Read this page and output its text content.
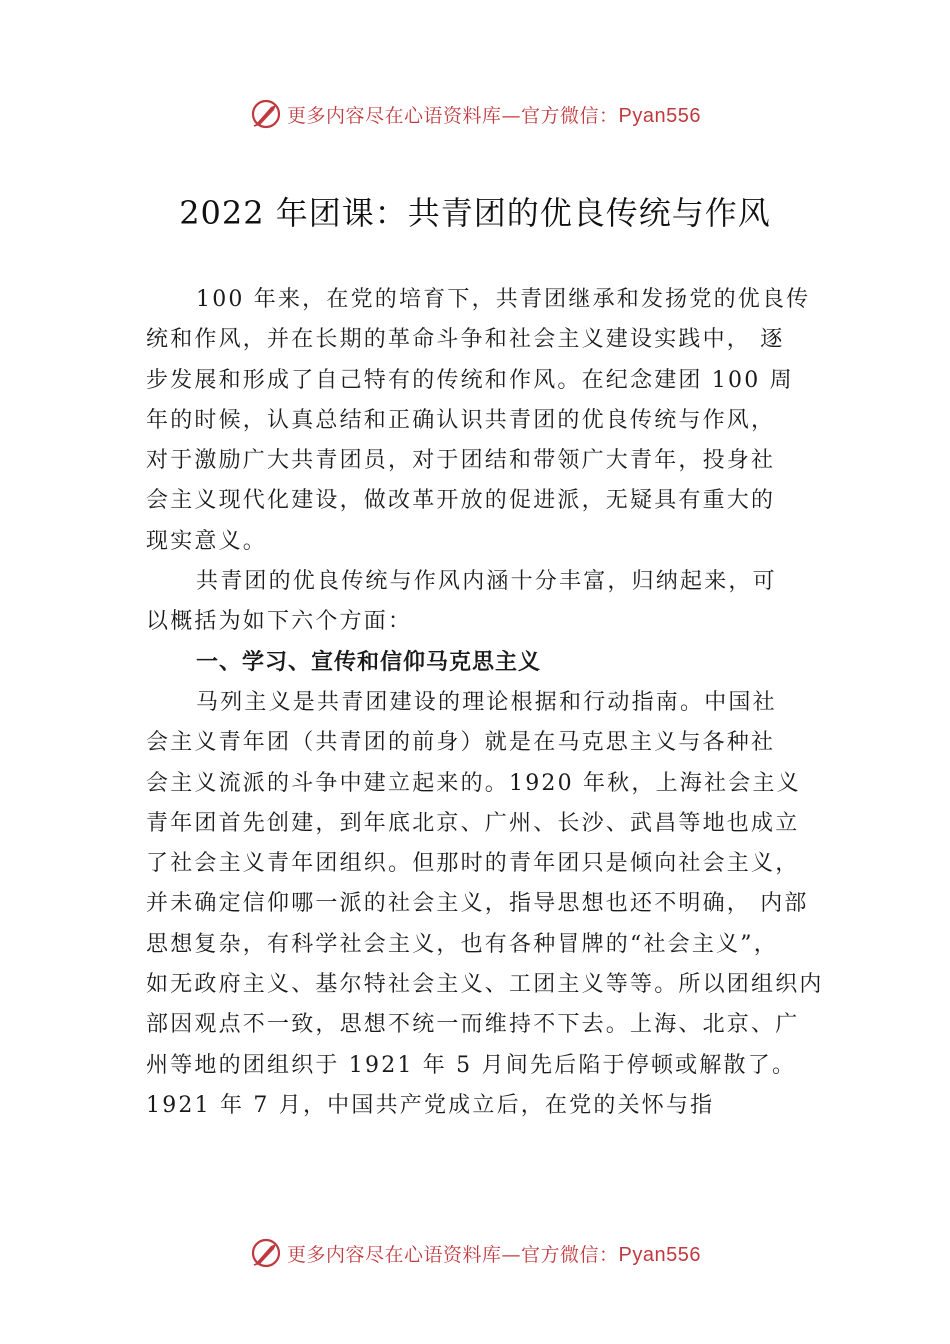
更多内容尽在心语资料库—官方微信：Pyan556
2022 年团课：共青团的优良传统与作风
100 年来，在党的培育下，共青团继承和发扬党的优良传
统和作风，并在长期的革命斗争和社会主义建设实践中， 逐
步发展和形成了自己特有的传统和作风。在纪念建团 100 周
年的时候，认真总结和正确认识共青团的优良传统与作风，
对于激励广大共青团员，对于团结和带领广大青年，投身社
会主义现代化建设，做改革开放的促进派，无疑具有重大的
现实意义。
共青团的优良传统与作风内涵十分丰富，归纳起来，可
以概括为如下六个方面：
一、学习、宣传和信仰马克思主义
马列主义是共青团建设的理论根据和行动指南。中国社
会主义青年团（共青团的前身）就是在马克思主义与各种社
会主义流派的斗争中建立起来的。1920 年秋，上海社会主义
青年团首先创建，到年底北京、广州、长沙、武昌等地也成立
了社会主义青年团组织。但那时的青年团只是倾向社会主义，
并未确定信仰哪一派的社会主义，指导思想也还不明确， 内部
思想复杂，有科学社会主义，也有各种冒牌的“社会主义”，
如无政府主义、基尔特社会主义、工团主义等等。所以团组织内
部因观点不一致，思想不统一而维持不下去。上海、北京、广
州等地的团组织于 1921 年 5 月间先后陷于停顿或解散了。
1921 年 7 月，中国共产党成立后，在党的关怀与指
更多内容尽在心语资料库—官方微信：Pyan556
